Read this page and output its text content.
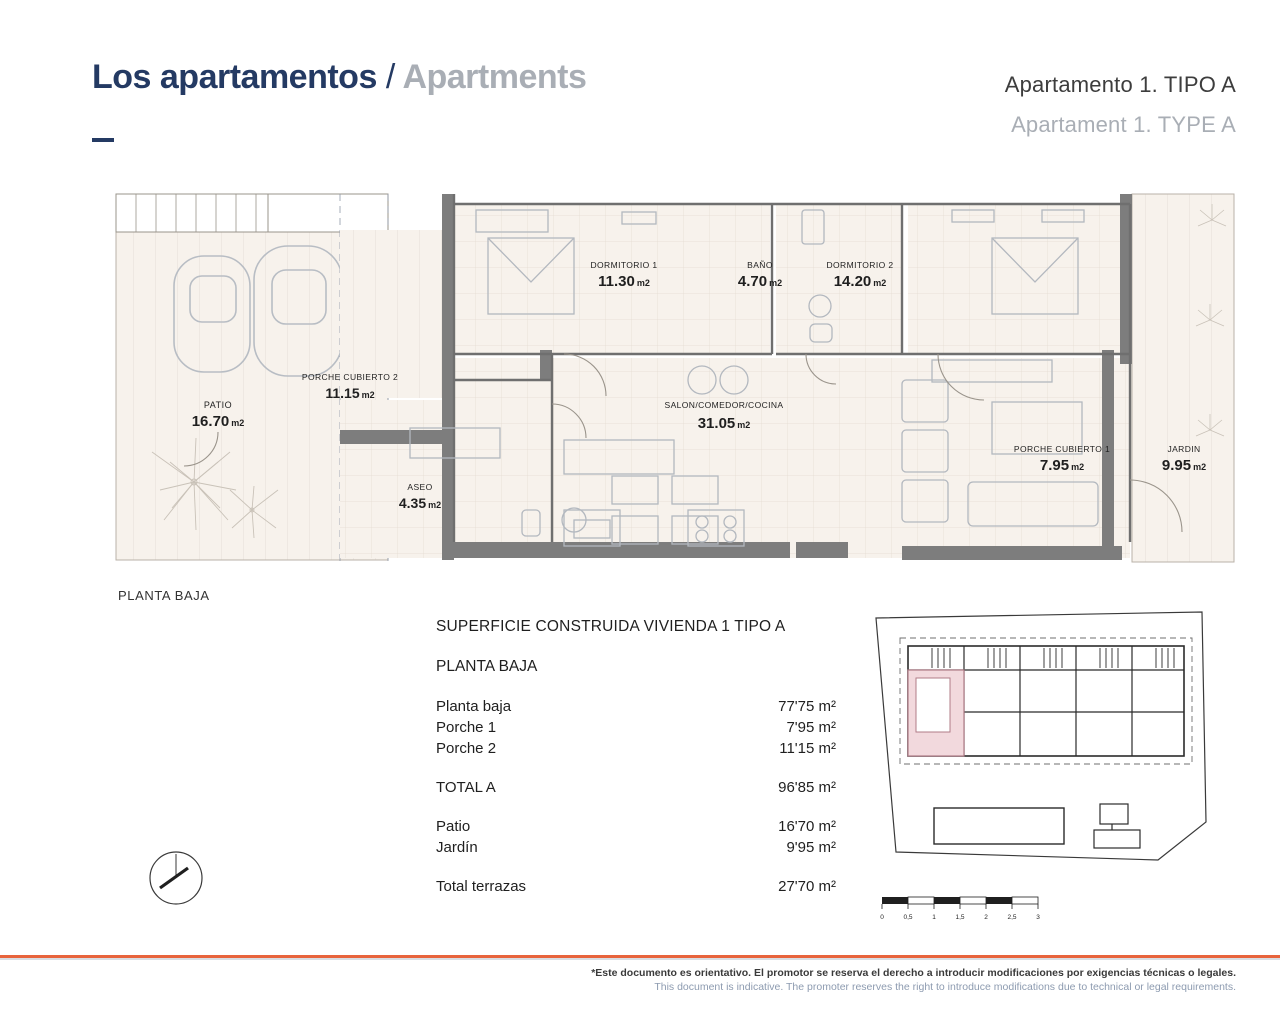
Los apartamentos / Apartments	Apartamento 1. TIPO A
Apartament 1. TYPE A
PATIO
16.70 m2
PORCHE CUBIERTO 2
11.15 m2
ASEO
4.35 m2
DORMITORIO 1
11.30 m2
BAÑO
4.70 m2
DORMITORIO 2
14.20 m2
SALON/COMEDOR/COCINA
31.05 m2
PORCHE CUBIERTO 1
7.95 m2
JARDIN
9.95 m2
PLANTA BAJA
SUPERFICIE CONSTRUIDA VIVIENDA 1 TIPO A
PLANTA BAJA
Planta baja	77'75 m²
Porche 1	7'95 m²
Porche 2	11'15 m²
TOTAL A	96'85 m²
Patio	16'70 m²
Jardín	9'95 m²
Total terrazas	27'70 m²
0	0,5	1	1,5	2	2,5	3
*Este documento es orientativo. El promotor se reserva el derecho a introducir modificaciones por exigencias técnicas o legales.
This document is indicative. The promoter reserves the right to introduce modifications due to technical or legal requirements.
